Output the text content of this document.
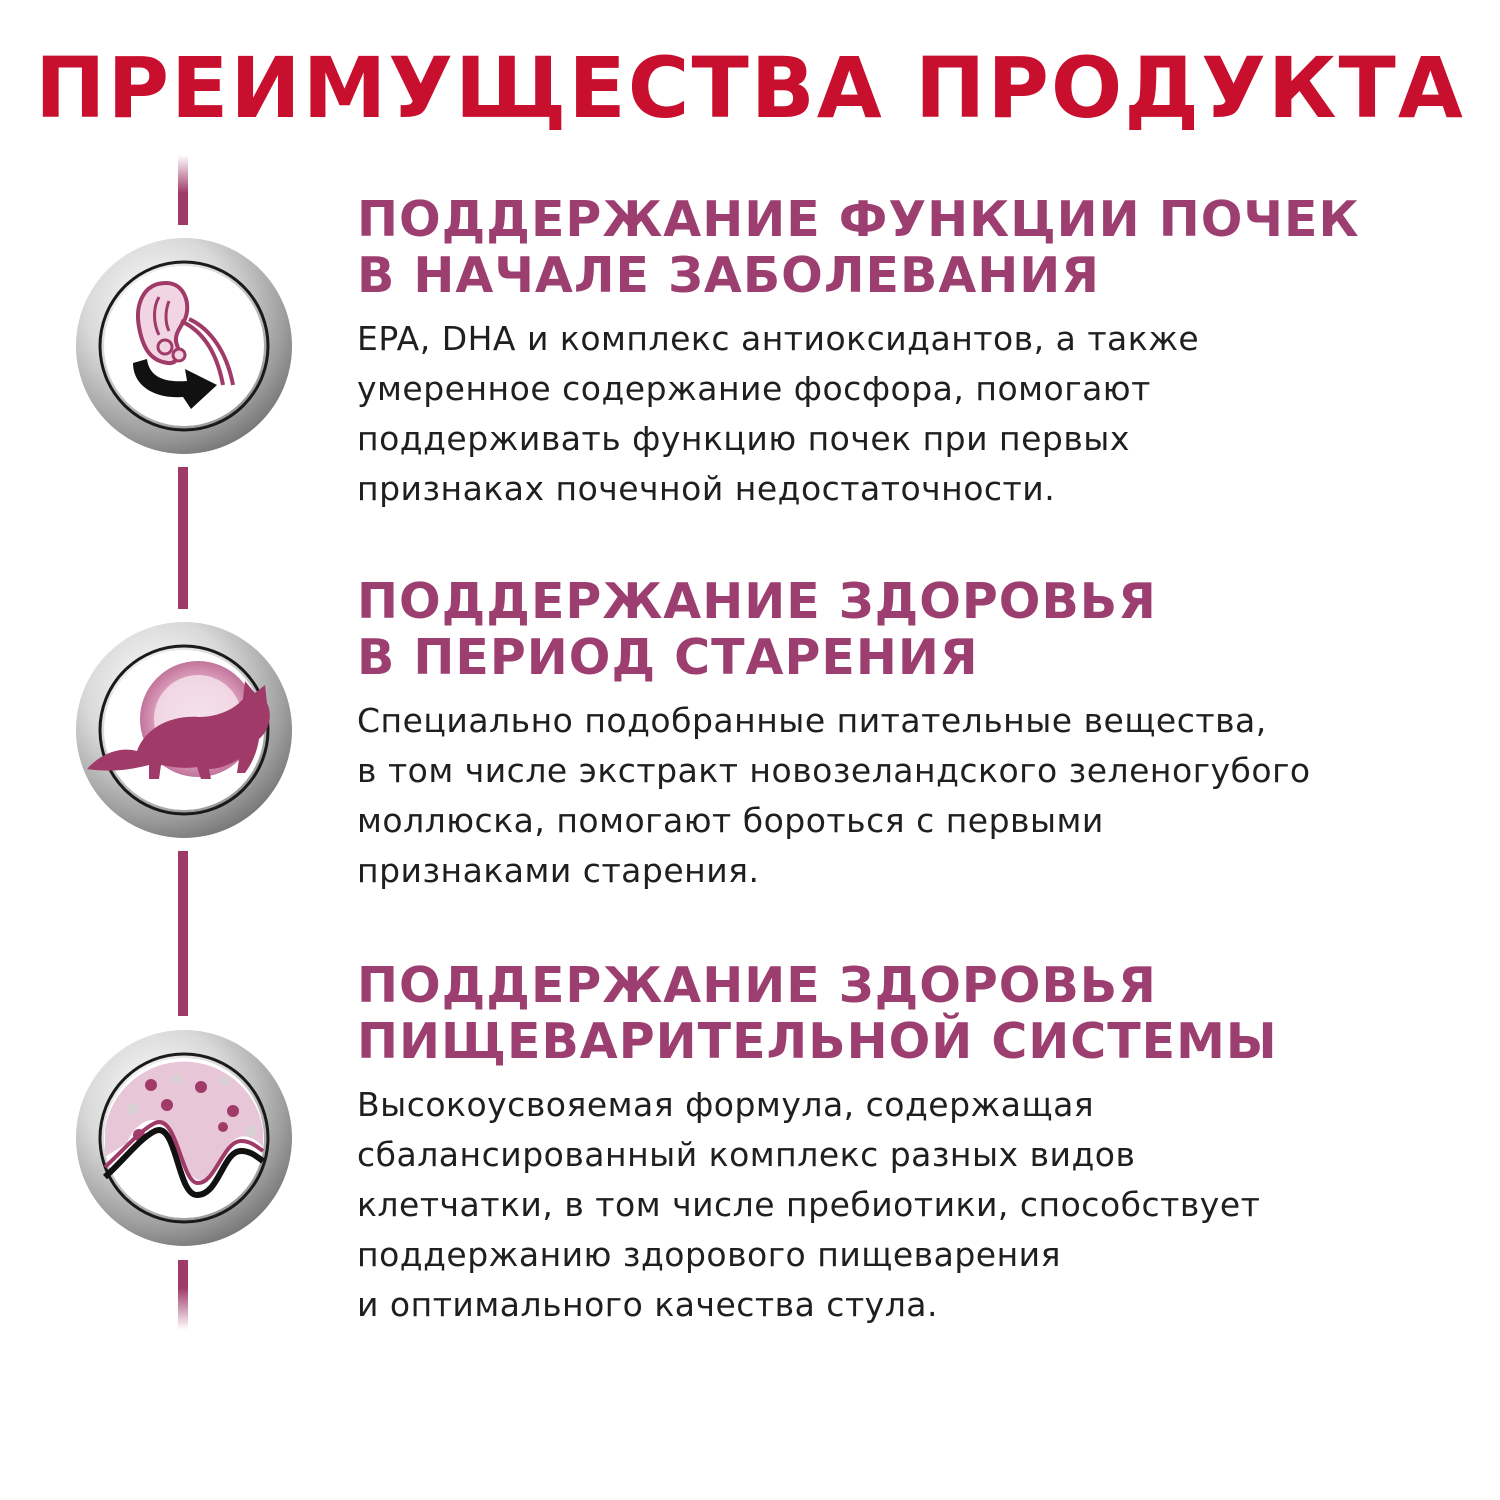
ПРЕИМУЩЕСТВА ПРОДУКТА
ПОДДЕРЖАНИЕ ФУНКЦИИ ПОЧЕК
В НАЧАЛЕ ЗАБОЛЕВАНИЯ

EPA, DHA и комплекс антиоксидантов, а также
умеренное содержание фосфора, помогают
поддерживать функцию почек при первых
признаках почечной недостаточности.

ПОДДЕРЖАНИЕ ЗДОРОВЬЯ
В ПЕРИОД СТАРЕНИЯ

Специально подобранные питательные вещества,
в том числе экстракт новозеландского зеленогубого
моллюска, помогают бороться с первыми
признаками старения.

ПОДДЕРЖАНИЕ ЗДОРОВЬЯ
ПИЩЕВАРИТЕЛЬНОЙ СИСТЕМЫ

Высокоусвояемая формула, содержащая
сбалансированный комплекс разных видов
клетчатки, в том числе пребиотики, способствует
поддержанию здорового пищеварения
и оптимального качества стула.
